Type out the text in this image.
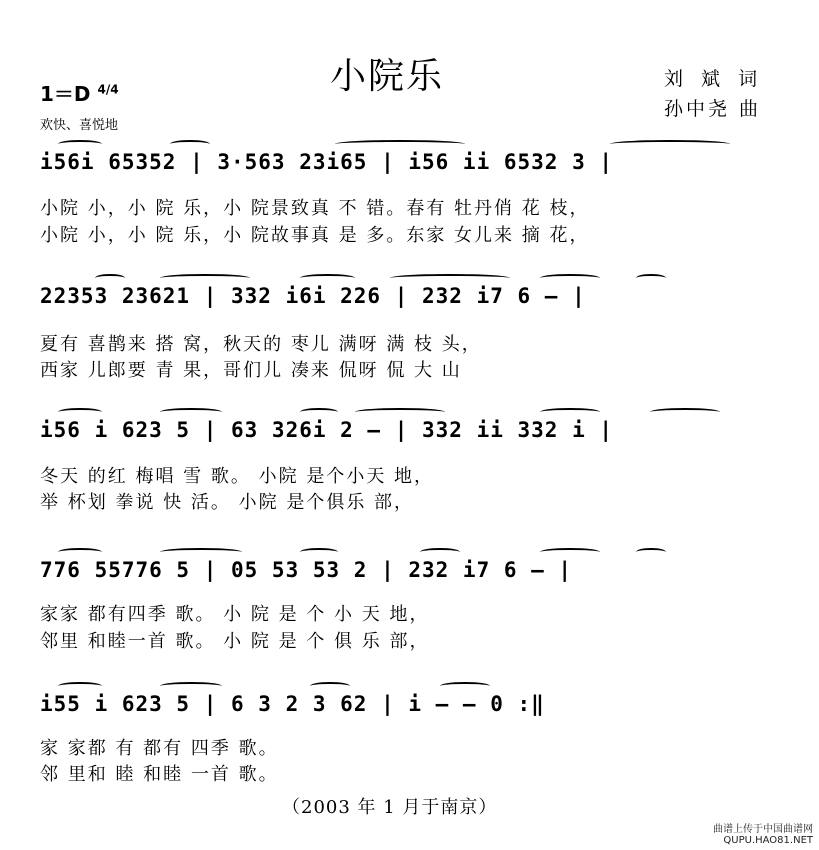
小院乐	刘 斌 词
孙中尧 曲
1＝D $^{4/4}$
欢快、喜悦地
i56i 65352 | 3·563 23i65 | i56 ii 6532 3 |
小院 小，小 院 乐，小 院景致真 不 错。春有 牡丹俏 花 枝，
小院 小，小 院 乐，小 院故事真 是 多。东家 女儿来 摘 花，
22353 23621 | 332 i6i 226 | 232 i7 6 — |
夏有 喜鹊来 搭 窝，秋天的 枣儿 满呀 满 枝 头，
西家 儿郎要 青 果，哥们儿 凑来 侃呀 侃 大 山
i56 i 623 5 | 63 326i 2 — | 332 ii 332 i |
冬天 的红 梅唱 雪 歌。 小院 是个小天 地，
举 杯划 拳说 快 活。 小院 是个俱乐 部，
776 55776 5 | 05 53 53 2 | 232 i7 6 — |
家家 都有四季 歌。 小 院 是 个 小 天 地，
邻里 和睦一首 歌。 小 院 是 个 俱 乐 部，
i55 i 623 5 | 6 3 2 3 62 | i — — 0 :‖
家 家都 有 都有 四季 歌。
邻 里和 睦 和睦 一首 歌。
（2003 年 1 月于南京）
曲谱上传于中国曲谱网
QUPU.HAO81.NET
